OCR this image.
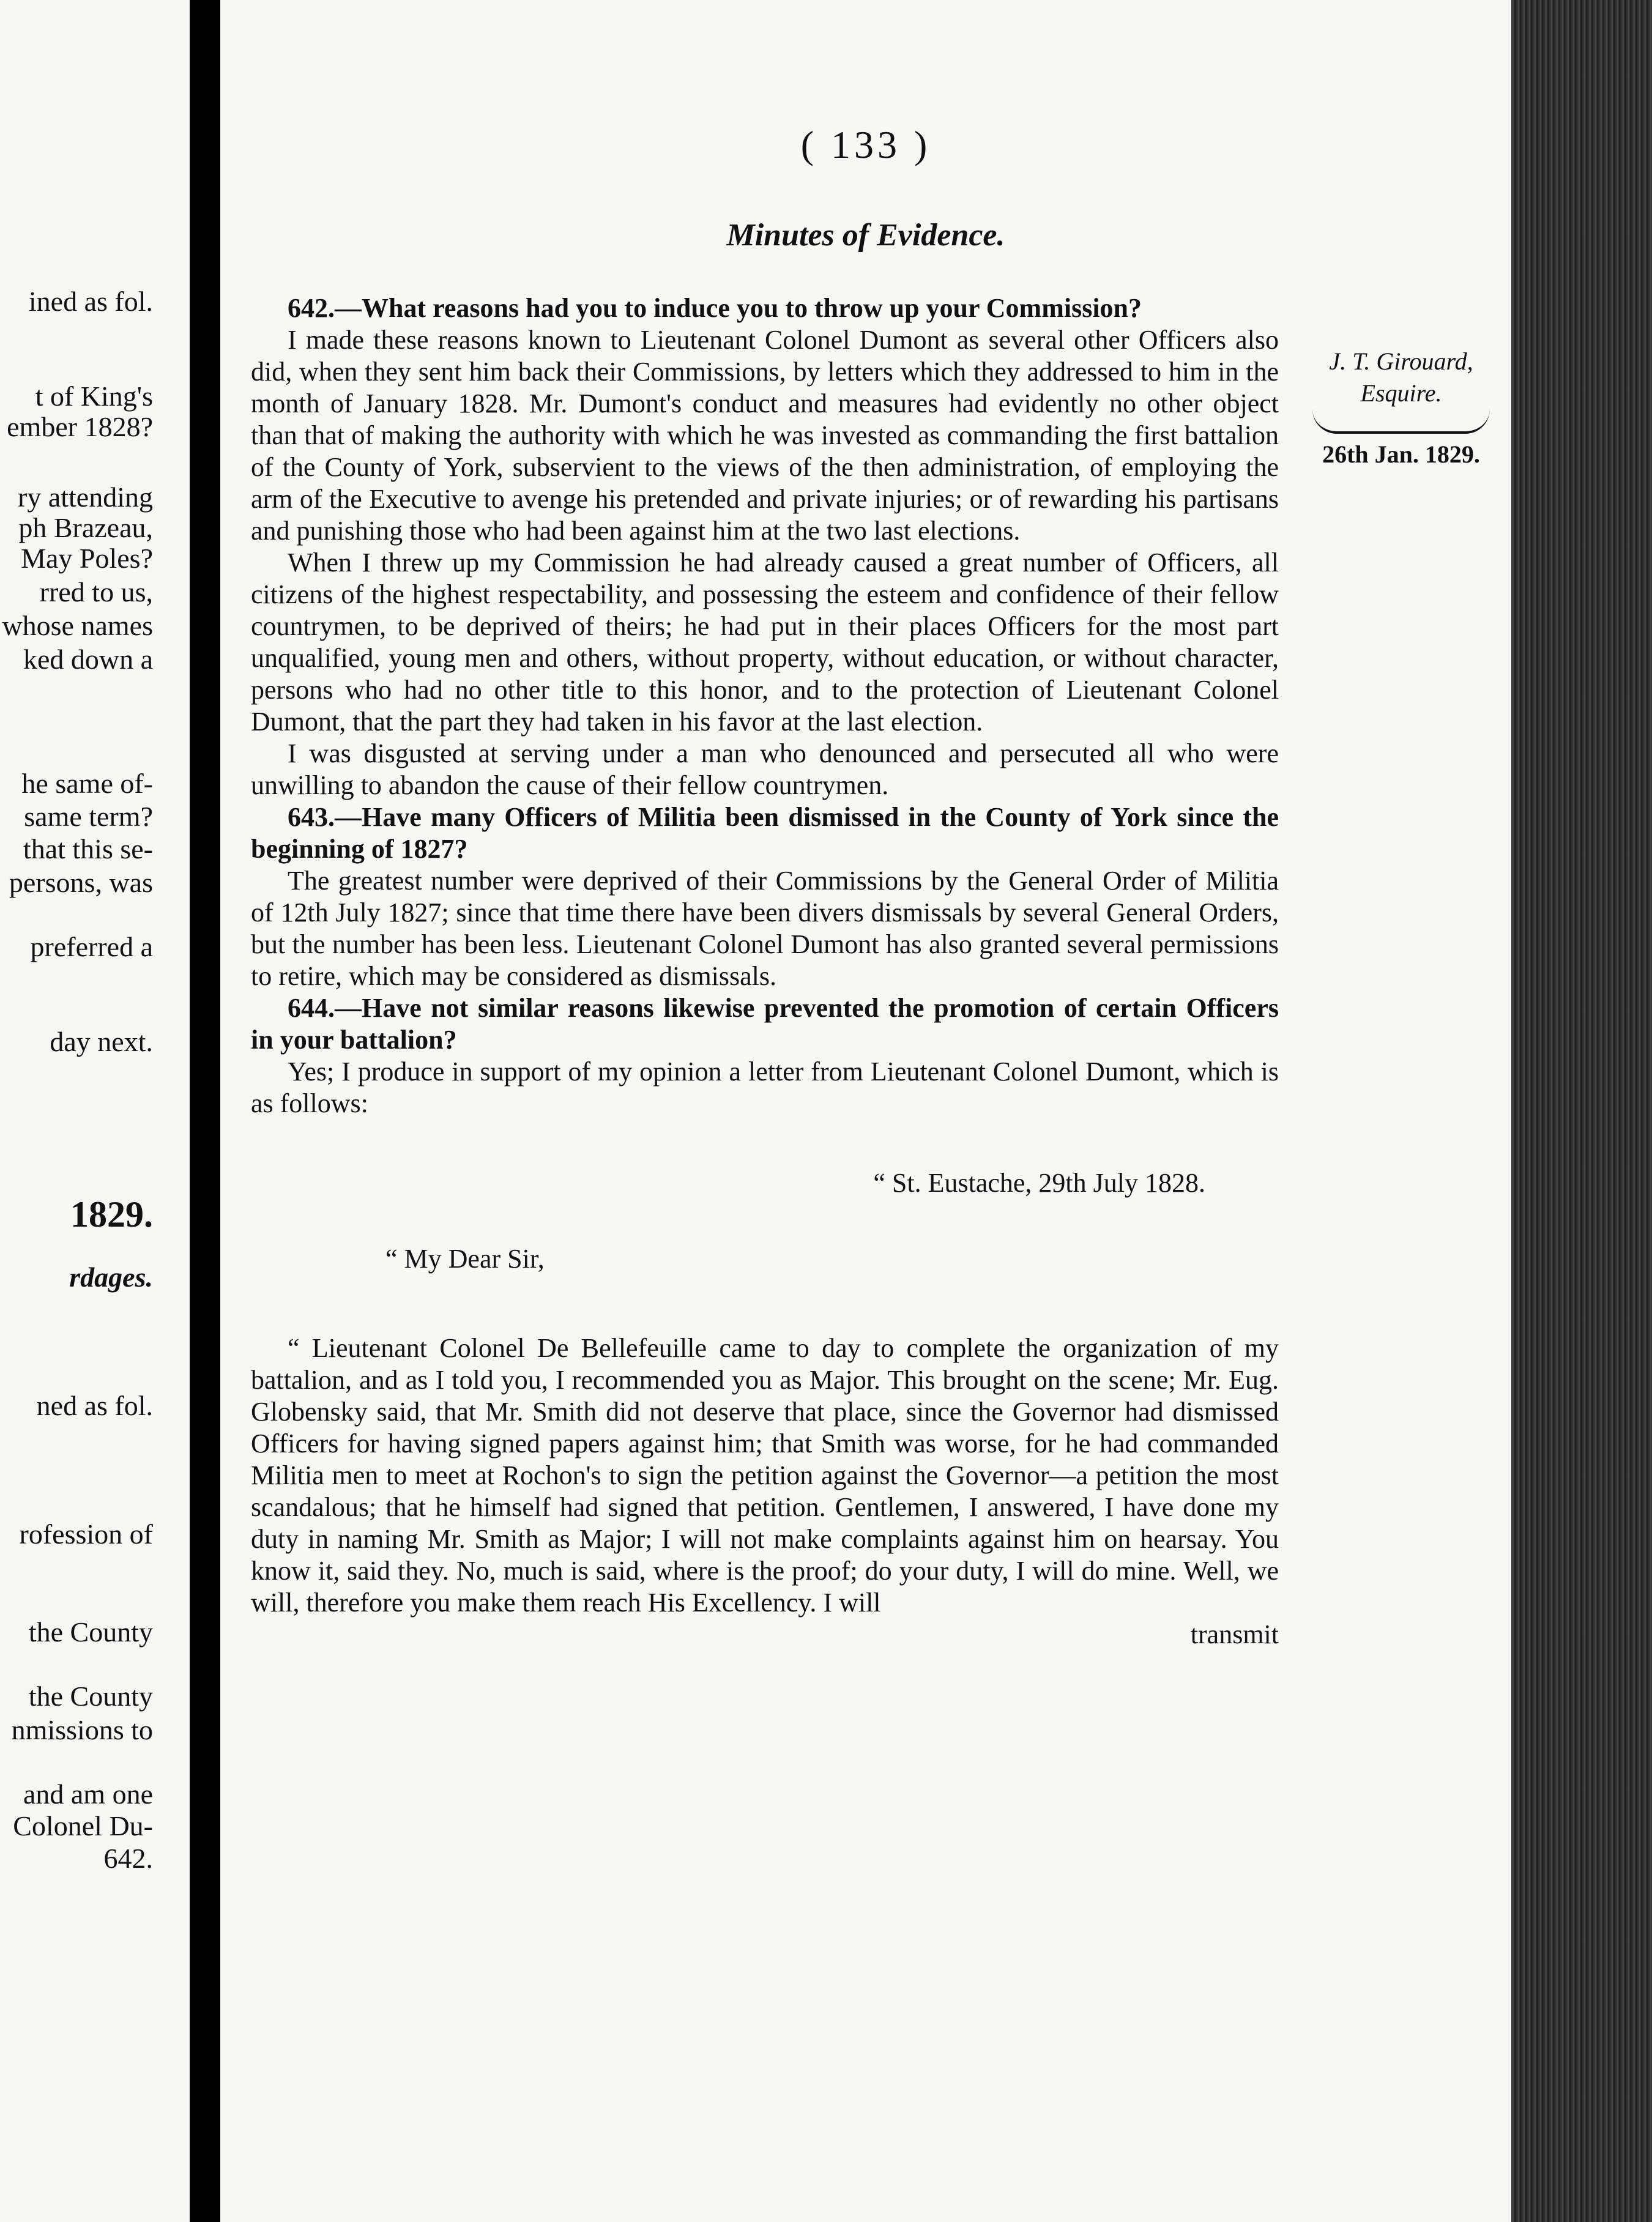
ined as fol.
t of King's
ember 1828?
ry attending
ph Brazeau,
May Poles?
rred to us,
whose names
ked down a
he same of-
same term?
that this se-
persons, was
preferred a
day next.
1829.
rdages.
ned as fol.
rofession of
the County
the County
nmissions to
and am one
Colonel Du-
642.
( 133 )
Minutes of Evidence.
J. T. Girouard,
Esquire.
26th Jan. 1829.

642.—What reasons had you to induce you to throw up your Commission?

I made these reasons known to Lieutenant Colonel Dumont as several other Officers also did, when they sent him back their Commissions, by letters which they addressed to him in the month of January 1828. Mr. Dumont's conduct and measures had evidently no other object than that of making the authority with which he was invested as commanding the first battalion of the County of York, subservient to the views of the then administration, of employing the arm of the Executive to avenge his pretended and private injuries; or of rewarding his partisans and punishing those who had been against him at the two last elections.

When I threw up my Commission he had already caused a great number of Officers, all citizens of the highest respectability, and possessing the esteem and confidence of their fellow countrymen, to be deprived of theirs; he had put in their places Officers for the most part unqualified, young men and others, without property, without education, or without character, persons who had no other title to this honor, and to the protection of Lieutenant Colonel Dumont, that the part they had taken in his favor at the last election.

I was disgusted at serving under a man who denounced and persecuted all who were unwilling to abandon the cause of their fellow countrymen.

643.—Have many Officers of Militia been dismissed in the County of York since the beginning of 1827?

The greatest number were deprived of their Commissions by the General Order of Militia of 12th July 1827; since that time there have been divers dismissals by several General Orders, but the number has been less. Lieutenant Colonel Dumont has also granted several permissions to retire, which may be considered as dismissals.

644.—Have not similar reasons likewise prevented the promotion of certain Officers in your battalion?

Yes; I produce in support of my opinion a letter from Lieutenant Colonel Dumont, which is as follows:

“ St. Eustache, 29th July 1828.

“ My Dear Sir,

“ Lieutenant Colonel De Bellefeuille came to day to complete the organization of my battalion, and as I told you, I recommended you as Major. This brought on the scene; Mr. Eug. Globensky said, that Mr. Smith did not deserve that place, since the Governor had dismissed Officers for having signed papers against him; that Smith was worse, for he had commanded Militia men to meet at Rochon's to sign the petition against the Governor—a petition the most scandalous; that he himself had signed that petition. Gentlemen, I answered, I have done my duty in naming Mr. Smith as Major; I will not make complaints against him on hearsay. You know it, said they. No, much is said, where is the proof; do your duty, I will do mine. Well, we will, therefore you make them reach His Excellency. I will

transmit
